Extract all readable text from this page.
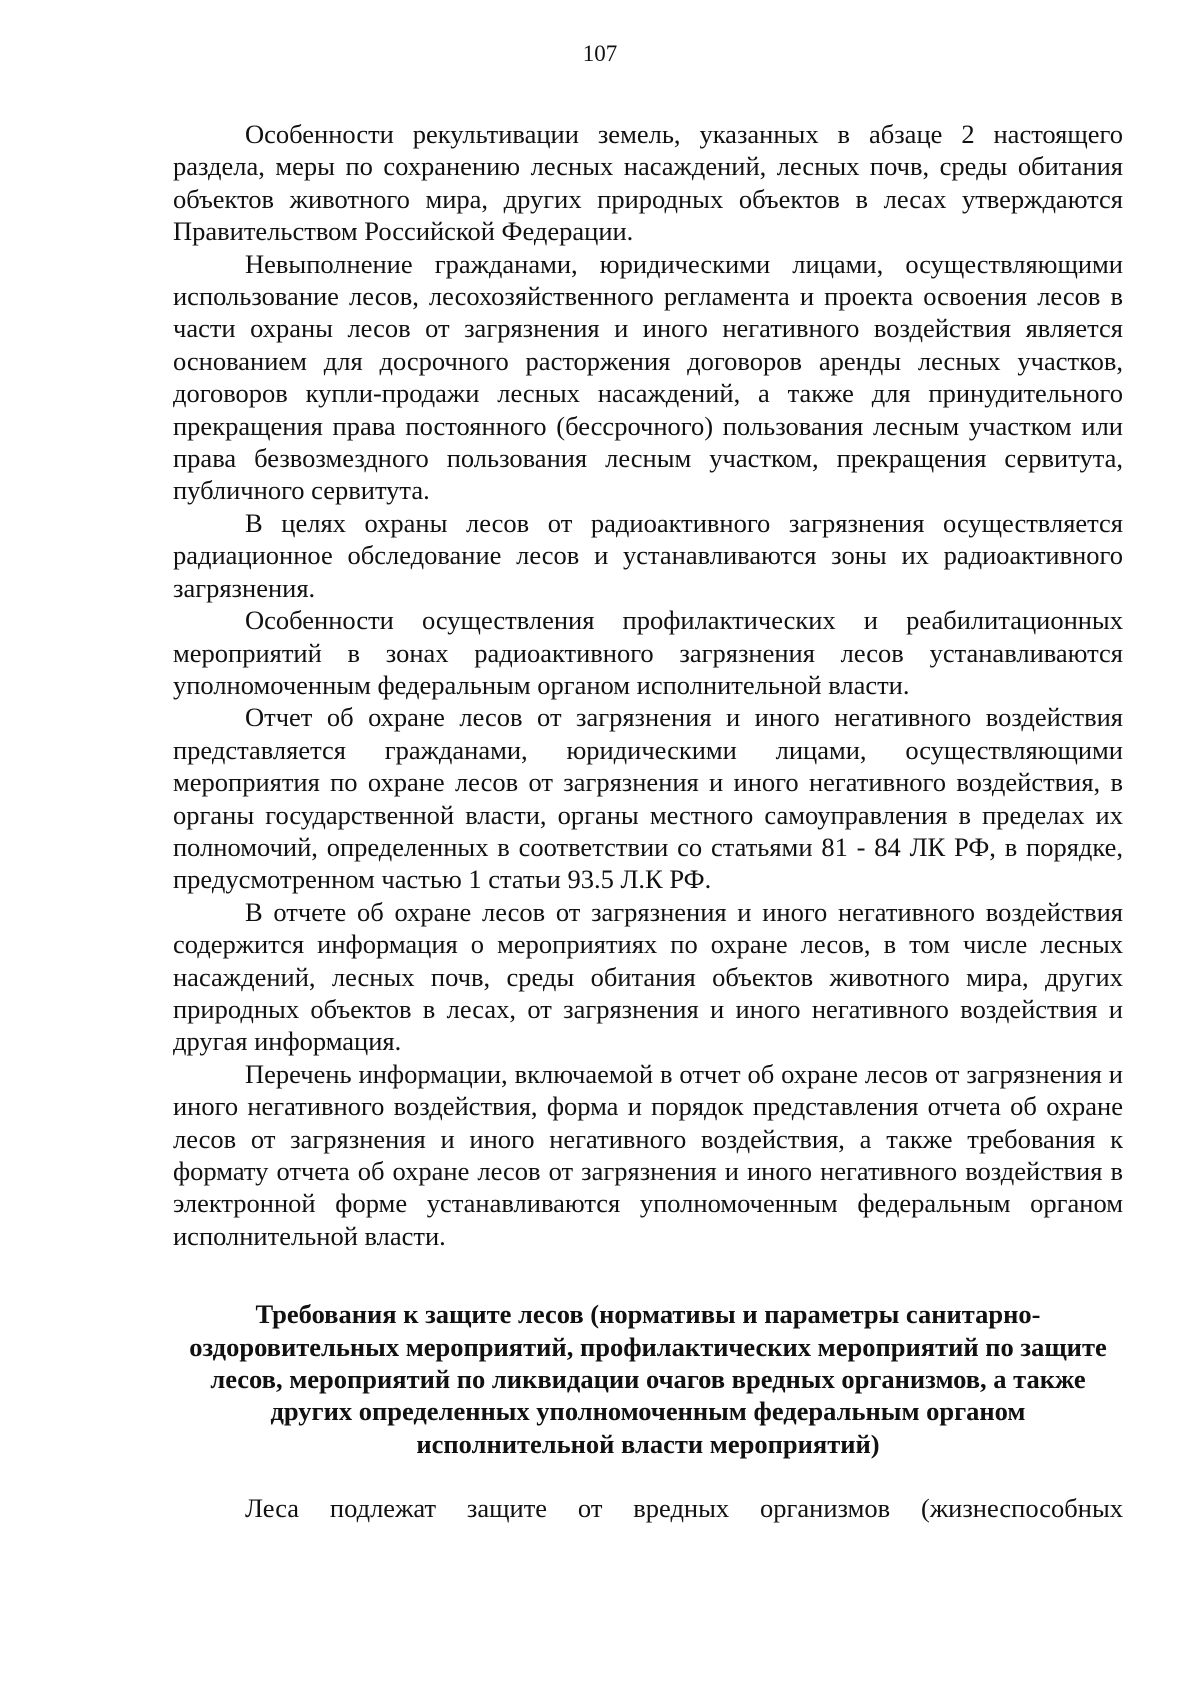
107

Особенности рекультивации земель, указанных в абзаце 2 настоящего раздела, меры по сохранению лесных насаждений, лесных почв, среды обитания объектов животного мира, других природных объектов в лесах утверждаются Правительством Российской Федерации.

Невыполнение гражданами, юридическими лицами, осуществляющими использование лесов, лесохозяйственного регламента и проекта освоения лесов в части охраны лесов от загрязнения и иного негативного воздействия является основанием для досрочного расторжения договоров аренды лесных участков, договоров купли-продажи лесных насаждений, а также для принудительного прекращения права постоянного (бессрочного) пользования лесным участком или права безвозмездного пользования лесным участком, прекращения сервитута, публичного сервитута.

В целях охраны лесов от радиоактивного загрязнения осуществляется радиационное обследование лесов и устанавливаются зоны их радиоактивного загрязнения.

Особенности осуществления профилактических и реабилитационных мероприятий в зонах радиоактивного загрязнения лесов устанавливаются уполномоченным федеральным органом исполнительной власти.

Отчет об охране лесов от загрязнения и иного негативного воздействия представляется гражданами, юридическими лицами, осуществляющими мероприятия по охране лесов от загрязнения и иного негативного воздействия, в органы государственной власти, органы местного самоуправления в пределах их полномочий, определенных в соответствии со статьями 81 - 84 ЛК РФ, в порядке, предусмотренном частью 1 статьи 93.5 Л.К РФ.

В отчете об охране лесов от загрязнения и иного негативного воздействия содержится информация о мероприятиях по охране лесов, в том числе лесных насаждений, лесных почв, среды обитания объектов животного мира, других природных объектов в лесах, от загрязнения и иного негативного воздействия и другая информация.

Перечень информации, включаемой в отчет об охране лесов от загрязнения и иного негативного воздействия, форма и порядок представления отчета об охране лесов от загрязнения и иного негативного воздействия, а также требования к формату отчета об охране лесов от загрязнения и иного негативного воздействия в электронной форме устанавливаются уполномоченным федеральным органом исполнительной власти.

Требования к защите лесов (нормативы и параметры санитарно-оздоровительных мероприятий, профилактических мероприятий по защите лесов, мероприятий по ликвидации очагов вредных организмов, а также других определенных уполномоченным федеральным органом исполнительной власти мероприятий)

Леса подлежат защите от вредных организмов (жизнеспособных
